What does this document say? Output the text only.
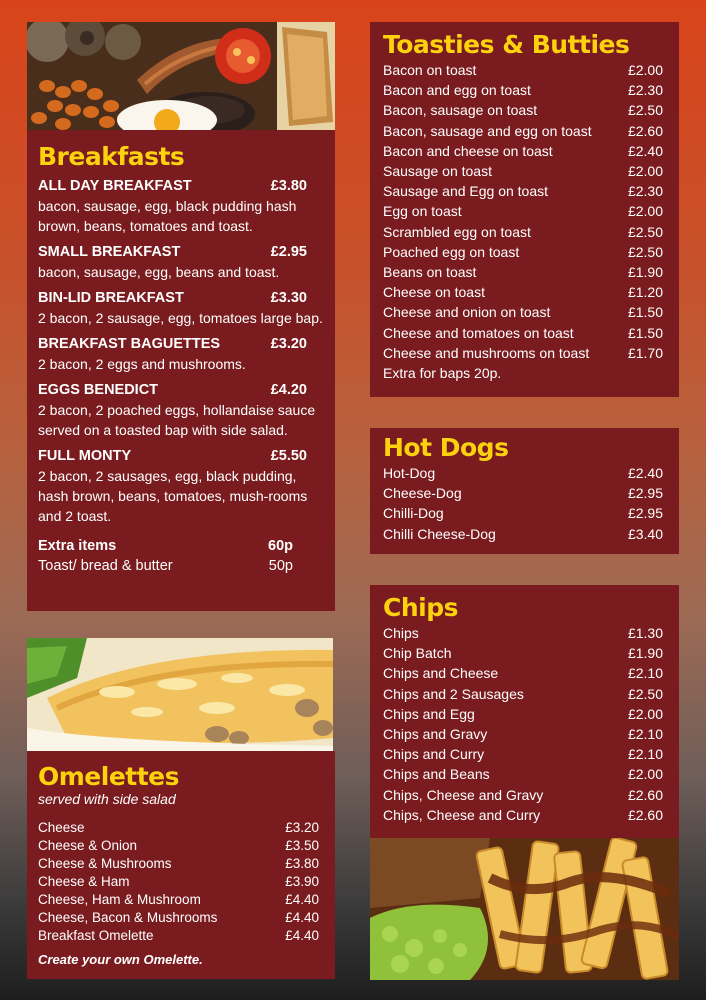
Breakfasts
ALL DAY BREAKFAST	£3.80
bacon, sausage, egg, black pudding hash brown, beans, tomatoes and toast.
SMALL BREAKFAST	£2.95
bacon, sausage, egg, beans and toast.
BIN-LID BREAKFAST	£3.30
2 bacon, 2 sausage, egg, tomatoes large bap.
BREAKFAST BAGUETTES	£3.20
2 bacon, 2 eggs and mushrooms.
EGGS BENEDICT	£4.20
2 bacon, 2 poached eggs, hollandaise sauce served on a toasted bap with side salad.
FULL MONTY	£5.50
2 bacon, 2 sausages, egg, black pudding, hash brown, beans, tomatoes, mush-rooms and 2 toast.
Extra items	60p
Toast/ bread & butter	50p
Omelettes
served with side salad
Cheese	£3.20
Cheese & Onion	£3.50
Cheese & Mushrooms	£3.80
Cheese & Ham	£3.90
Cheese, Ham & Mushroom	£4.40
Cheese, Bacon & Mushrooms	£4.40
Breakfast Omelette	£4.40
Create your own Omelette.
Toasties & Butties
Bacon on toast	£2.00
Bacon and egg on toast	£2.30
Bacon, sausage on toast	£2.50
Bacon, sausage and egg on toast	£2.60
Bacon and cheese on toast	£2.40
Sausage on toast	£2.00
Sausage and Egg on toast	£2.30
Egg on toast	£2.00
Scrambled egg on toast	£2.50
Poached egg on toast	£2.50
Beans on toast	£1.90
Cheese on toast	£1.20
Cheese and onion on toast	£1.50
Cheese and tomatoes on toast	£1.50
Cheese and mushrooms on toast	£1.70
Extra for baps 20p.
Hot Dogs
Hot-Dog	£2.40
Cheese-Dog	£2.95
Chilli-Dog	£2.95
Chilli Cheese-Dog	£3.40
Chips
Chips	£1.30
Chip Batch	£1.90
Chips and Cheese	£2.10
Chips and 2 Sausages	£2.50
Chips and Egg	£2.00
Chips and Gravy	£2.10
Chips and Curry	£2.10
Chips and Beans	£2.00
Chips, Cheese and Gravy	£2.60
Chips, Cheese and Curry	£2.60
